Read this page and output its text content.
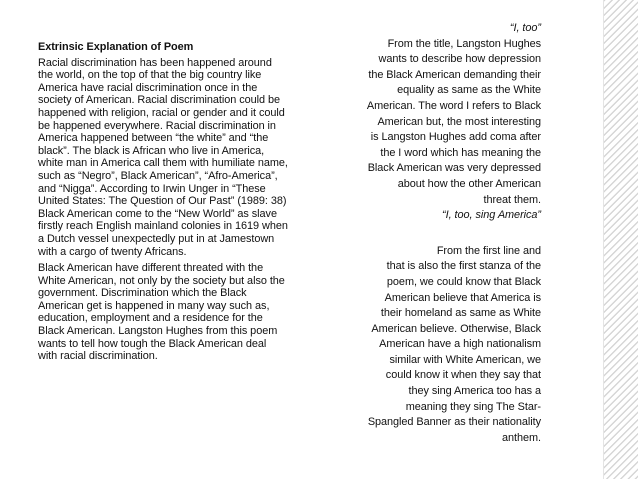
Extrinsic Explanation of Poem

Racial discrimination has been happened around the world, on the top of that the big country like America have racial discrimination once in the society of American. Racial discrimination could be happened with religion, racial or gender and it could be happened everywhere. Racial discrimination in America happened between “the white” and “the black”. The black is African who live in America, white man in America call them with humiliate name, such as “Negro”, Black American”, “Afro-America”, and “Nigga”. According to Irwin Unger in “These United States: The Question of Our Past” (1989: 38) Black American come to the “New World” as slave firstly reach English mainland colonies in 1619 when a Dutch vessel unexpectedly put in at Jamestown with a cargo of twenty Africans.

Black American have different threated with the White American, not only by the society but also the government. Discrimination which the Black American get is happened in many way such as, education, employment and a residence for the Black American. Langston Hughes from this poem wants to tell how tough the Black American deal with racial discrimination.

“I, too”
From the title, Langston Hughes
wants to describe how depression
the Black American demanding their
equality as same as the White
American. The word I refers to Black
American but, the most interesting
is Langston Hughes add coma after
the I word which has meaning the
Black American was very depressed
about how the other American
threat them.
“I, too, sing America”
From the first line and
that is also the first stanza of the
poem, we could know that Black
American believe that America is
their homeland as same as White
American believe. Otherwise, Black
American have a high nationalism
similar with White American, we
could know it when they say that
they sing America too has a
meaning they sing The Star-
Spangled Banner as their nationality
anthem.
